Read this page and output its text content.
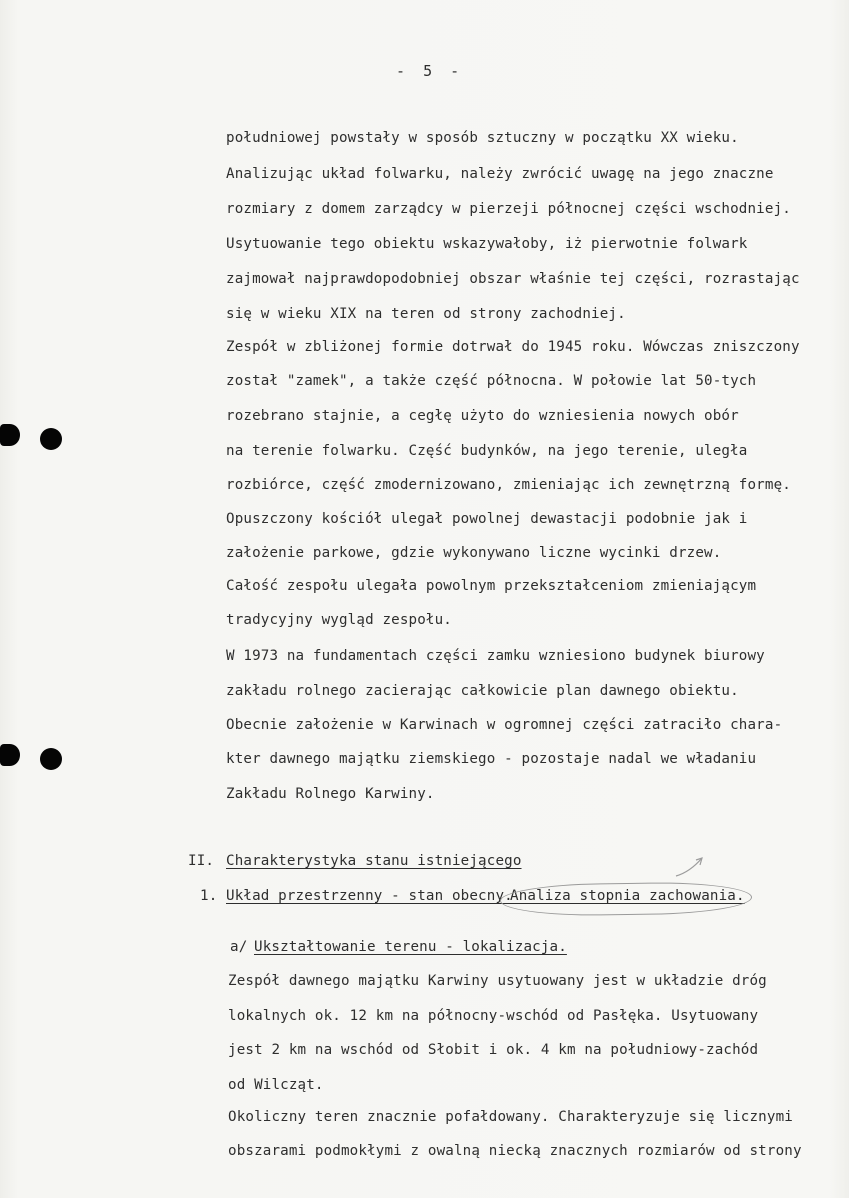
-  5  -
południowej powstały w sposób sztuczny w początku XX wieku.
Analizując układ folwarku, należy zwrócić uwagę na jego znaczne
rozmiary z domem zarządcy w pierzeji północnej części wschodniej.
Usytuowanie tego obiektu wskazywałoby, iż pierwotnie folwark
zajmował najprawdopodobniej obszar właśnie tej części, rozrastając
się w wieku XIX na teren od strony zachodniej.
Zespół w zbliżonej formie dotrwał do 1945 roku. Wówczas zniszczony
został "zamek", a także część północna. W połowie lat 50-tych
rozebrano stajnie, a cegłę użyto do wzniesienia nowych obór
na terenie folwarku. Część budynków, na jego terenie, uległa
rozbiórce, część zmodernizowano, zmieniając ich zewnętrzną formę.
Opuszczony kościół ulegał powolnej dewastacji podobnie jak i
założenie parkowe, gdzie wykonywano liczne wycinki drzew.
Całość zespołu ulegała powolnym przekształceniom zmieniającym
tradycyjny wygląd zespołu.
W 1973 na fundamentach części zamku wzniesiono budynek biurowy
zakładu rolnego zacierając całkowicie plan dawnego obiektu.
Obecnie założenie w Karwinach w ogromnej części zatraciło chara-
kter dawnego majątku ziemskiego - pozostaje nadal we władaniu
Zakładu Rolnego Karwiny.
II. Charakterystyka stanu istniejącego
1. Układ przestrzenny - stan obecny.
Analiza stopnia zachowania.
a/ Ukształtowanie terenu - lokalizacja.
Zespół dawnego majątku Karwiny usytuowany jest w układzie dróg
lokalnych ok. 12 km na północny-wschód od Pasłęka. Usytuowany
jest 2 km na wschód od Słobit i ok. 4 km na południowy-zachód
od Wilcząt.
Okoliczny teren znacznie pofałdowany. Charakteryzuje się licznymi
obszarami podmokłymi z owalną niecką znacznych rozmiarów od strony
